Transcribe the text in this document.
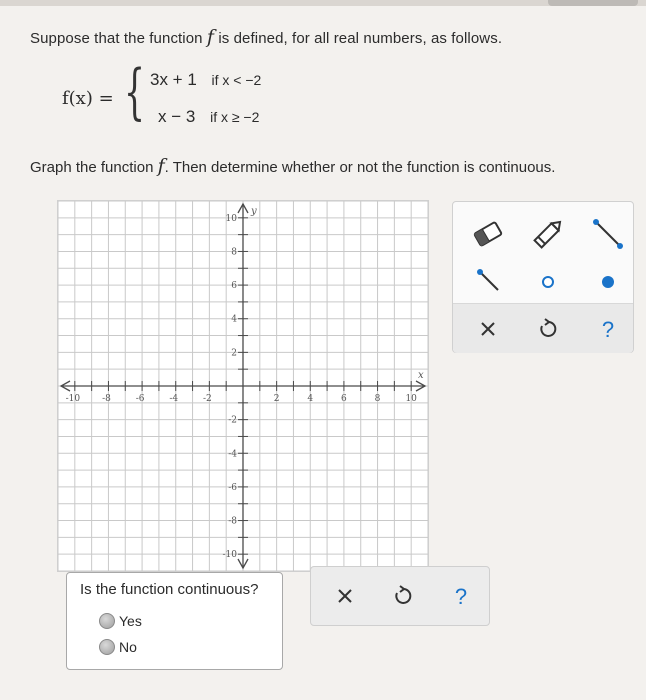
Suppose that the function f is defined, for all real numbers, as follows.
f(x) = { 3x + 1 if x < −2
x − 3 if x ≥ −2
Graph the function f. Then determine whether or not the function is continuous.
-10 -8	-6	-4	-2	2	4	6	8	10
10
8
6
4
2
-2
-4
-6
-8
-10
x
y
?
Is the function continuous?
Yes
No
?
